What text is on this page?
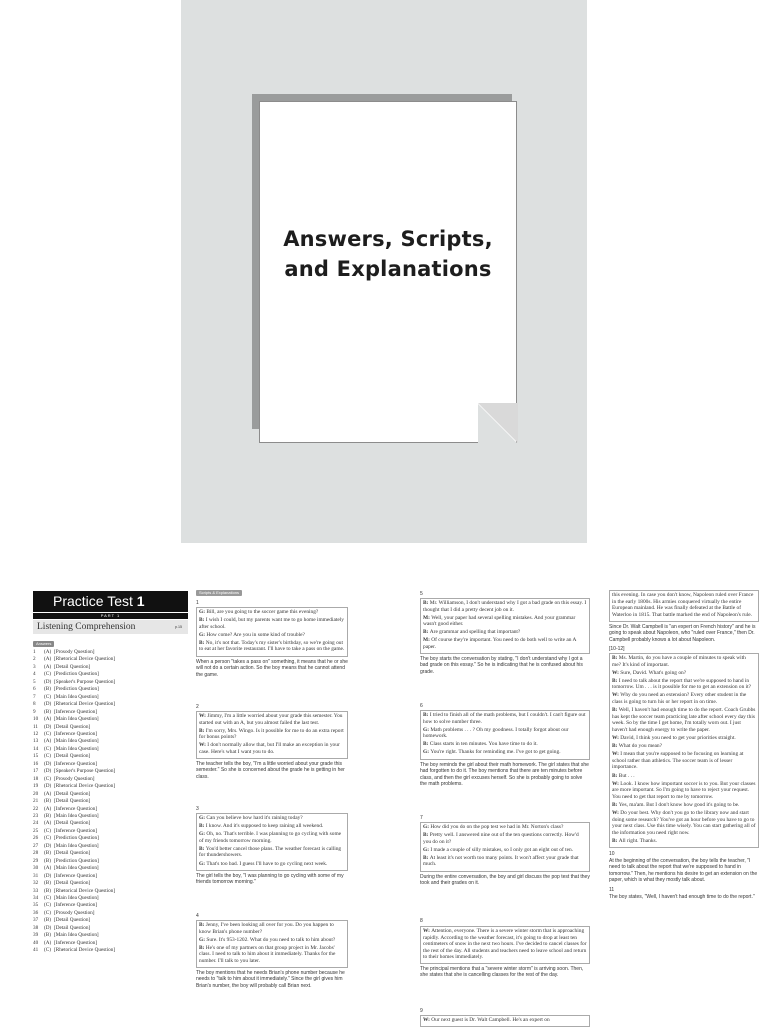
Answers, Scripts,
and Explanations
Practice Test 1
PART 1
Listening Comprehension	p.15
Answers
1 (A) [Prosody Question]
2 (A) [Rhetorical Device Question]
3 (A) [Detail Question]
4 (C) [Prediction Question]
5 (D) [Speaker's Purpose Question]
6 (B) [Prediction Question]
7 (C) [Main Idea Question]
8 (D) [Rhetorical Device Question]
9 (B) [Inference Question]
10 (A) [Main Idea Question]
11 (D) [Detail Question]
12 (C) [Inference Question]
13 (A) [Main Idea Question]
14 (C) [Main Idea Question]
15 (C) [Detail Question]
16 (D) [Inference Question]
17 (D) [Speaker's Purpose Question]
18 (C) [Prosody Question]
19 (D) [Rhetorical Device Question]
20 (A) [Detail Question]
21 (B) [Detail Question]
22 (A) [Inference Question]
23 (B) [Main Idea Question]
24 (A) [Detail Question]
25 (C) [Inference Question]
26 (C) [Prediction Question]
27 (D) [Main Idea Question]
28 (B) [Detail Question]
29 (B) [Prediction Question]
30 (A) [Main Idea Question]
31 (D) [Inference Question]
32 (B) [Detail Question]
33 (B) [Rhetorical Device Question]
34 (C) [Main Idea Question]
35 (C) [Inference Question]
36 (C) [Prosody Question]
37 (B) [Detail Question]
38 (D) [Detail Question]
39 (B) [Main Idea Question]
40 (A) [Inference Question]
41 (C) [Rhetorical Device Question]
Scripts & Explanations
1

G: Bill, are you going to the soccer game this evening?

B: I wish I could, but my parents want me to go home immediately after school.

G: How come? Are you in some kind of trouble?

B: No, it's not that. Today's my sister's birthday, so we're going out to eat at her favorite restaurant. I'll have to take a pass on the game.

When a person "takes a pass on" something, it means that he or she will not do a certain action. So the boy means that he cannot attend the game.
2

W: Jimmy, I'm a little worried about your grade this semester. You started out with an A, but you almost failed the last test.

B: I'm sorry, Mrs. Wingo. Is it possible for me to do an extra report for bonus points?

W: I don't normally allow that, but I'll make an exception in your case. Here's what I want you to do.

The teacher tells the boy, "I'm a little worried about your grade this semester." So she is concerned about the grade he is getting in her class.
3

G: Can you believe how hard it's raining today?

B: I know. And it's supposed to keep raining all weekend.

G: Oh, no. That's terrible. I was planning to go cycling with some of my friends tomorrow morning.

B: You'd better cancel those plans. The weather forecast is calling for thundershowers.

G: That's too bad. I guess I'll have to go cycling next week.

The girl tells the boy, "I was planning to go cycling with some of my friends tomorrow morning."
4

B: Jenny, I've been looking all over for you. Do you happen to know Brian's phone number?

G: Sure. It's 953-1202. What do you need to talk to him about?

B: He's one of my partners on that group project in Mr. Jacobs' class. I need to talk to him about it immediately. Thanks for the number. I'll talk to you later.

The boy mentions that he needs Brian's phone number because he needs to "talk to him about it immediately." Since the girl gives him Brian's number, the boy will probably call Brian next.
5

B: Mr. Williamson, I don't understand why I got a bad grade on this essay. I thought that I did a pretty decent job on it.

M: Well, your paper had several spelling mistakes. And your grammar wasn't good either.

B: Are grammar and spelling that important?

M: Of course they're important. You need to do both well to write an A paper.

The boy starts the conversation by stating, "I don't understand why I got a bad grade on this essay." So he is indicating that he is confused about his grade.
6

B: I tried to finish all of the math problems, but I couldn't. I can't figure out how to solve number three.

G: Math problems . . . ? Oh my goodness. I totally forgot about our homework.

B: Class starts in ten minutes. You have time to do it.

G: You're right. Thanks for reminding me. I've got to get going.

The boy reminds the girl about their math homework. The girl states that she had forgotten to do it. The boy mentions that there are ten minutes before class, and then the girl excuses herself. So she is probably going to solve the math problems.
7

G: How did you do on the pop test we had in Mr. Norton's class?

B: Pretty well. I answered nine out of the ten questions correctly. How'd you do on it?

G: I made a couple of silly mistakes, so I only got an eight out of ten.

B: At least it's not worth too many points. It won't affect your grade that much.

During the entire conversation, the boy and girl discuss the pop test that they took and their grades on it.
8

W: Attention, everyone. There is a severe winter storm that is approaching rapidly. According to the weather forecast, it's going to drop at least ten centimeters of snow in the next two hours. I've decided to cancel classes for the rest of the day. All students and teachers need to leave school and return to their homes immediately.

The principal mentions that a "severe winter storm" is arriving soon. Then, she states that she is cancelling classes for the rest of the day.
9

W: Our next guest is Dr. Walt Campbell. He's an expert on

this evening. In case you don't know, Napoleon ruled over France in the early 1800s. His armies conquered virtually the entire European mainland. He was finally defeated at the Battle of Waterloo in 1815. That battle marked the end of Napoleon's rule.

Since Dr. Walt Campbell is "an expert on French history" and he is going to speak about Napoleon, who "ruled over France," then Dr. Campbell probably knows a lot about Napoleon.
[10-12]

B: Ms. Martin, do you have a couple of minutes to speak with me? It's kind of important.

W: Sure, David. What's going on?

B: I need to talk about the report that we're supposed to hand in tomorrow. Um . . . is it possible for me to get an extension on it?

W: Why do you need an extension? Every other student in the class is going to turn his or her report in on time.

B: Well, I haven't had enough time to do the report. Coach Grubbs has kept the soccer team practicing late after school every day this week. So by the time I get home, I'm totally worn out. I just haven't had enough energy to write the paper.

W: David, I think you need to get your priorities straight.

B: What do you mean?

W: I mean that you're supposed to be focusing on learning at school rather than athletics. The soccer team is of lesser importance.

B: But . . .

W: Look. I know how important soccer is to you. But your classes are more important. So I'm going to have to reject your request. You need to get that report to me by tomorrow.

B: Yes, ma'am. But I don't know how good it's going to be.

W: Do your best. Why don't you go to the library now and start doing some research? You've got an hour before you have to go to your next class. Use this time wisely. You can start gathering all of the information you need right now.

B: All right. Thanks.

10
At the beginning of the conversation, the boy tells the teacher, "I need to talk about the report that we're supposed to hand in tomorrow." Then, he mentions his desire to get an extension on the paper, which is what they mostly talk about.
11
The boy states, "Well, I haven't had enough time to do the report."
